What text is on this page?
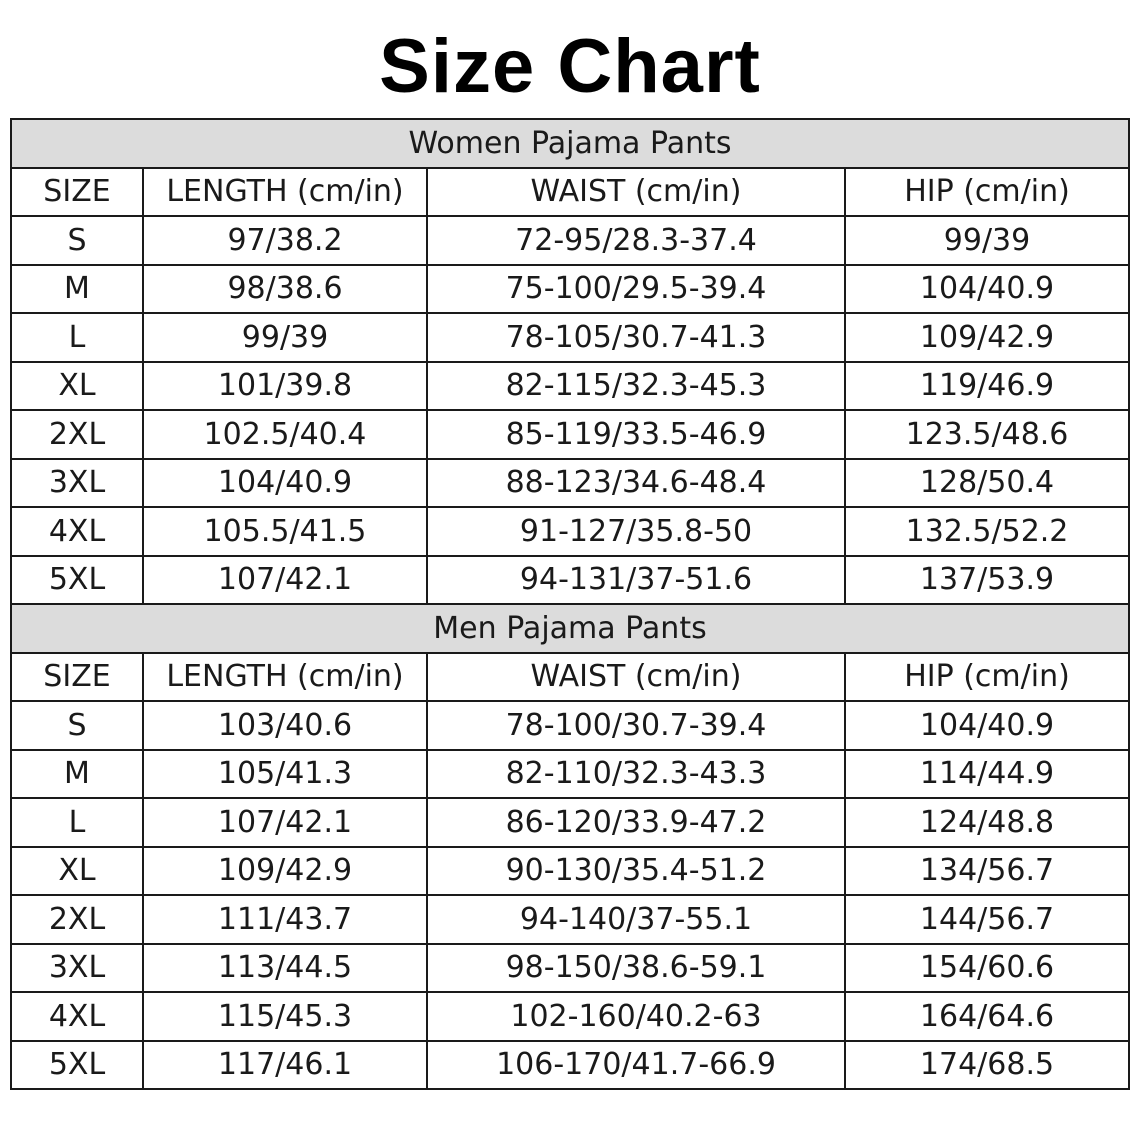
Size Chart
Women Pajama Pants			
SIZE	LENGTH (cm/in)	WAIST (cm/in)	HIP (cm/in)
S	97/38.2	72-95/28.3-37.4	99/39
M	98/38.6	75-100/29.5-39.4	104/40.9
L	99/39	78-105/30.7-41.3	109/42.9
XL	101/39.8	82-115/32.3-45.3	119/46.9
2XL	102.5/40.4	85-119/33.5-46.9	123.5/48.6
3XL	104/40.9	88-123/34.6-48.4	128/50.4
4XL	105.5/41.5	91-127/35.8-50	132.5/52.2
5XL	107/42.1	94-131/37-51.6	137/53.9
Men Pajama Pants			
SIZE	LENGTH (cm/in)	WAIST (cm/in)	HIP (cm/in)
S	103/40.6	78-100/30.7-39.4	104/40.9
M	105/41.3	82-110/32.3-43.3	114/44.9
L	107/42.1	86-120/33.9-47.2	124/48.8
XL	109/42.9	90-130/35.4-51.2	134/56.7
2XL	111/43.7	94-140/37-55.1	144/56.7
3XL	113/44.5	98-150/38.6-59.1	154/60.6
4XL	115/45.3	102-160/40.2-63	164/64.6
5XL	117/46.1	106-170/41.7-66.9	174/68.5
